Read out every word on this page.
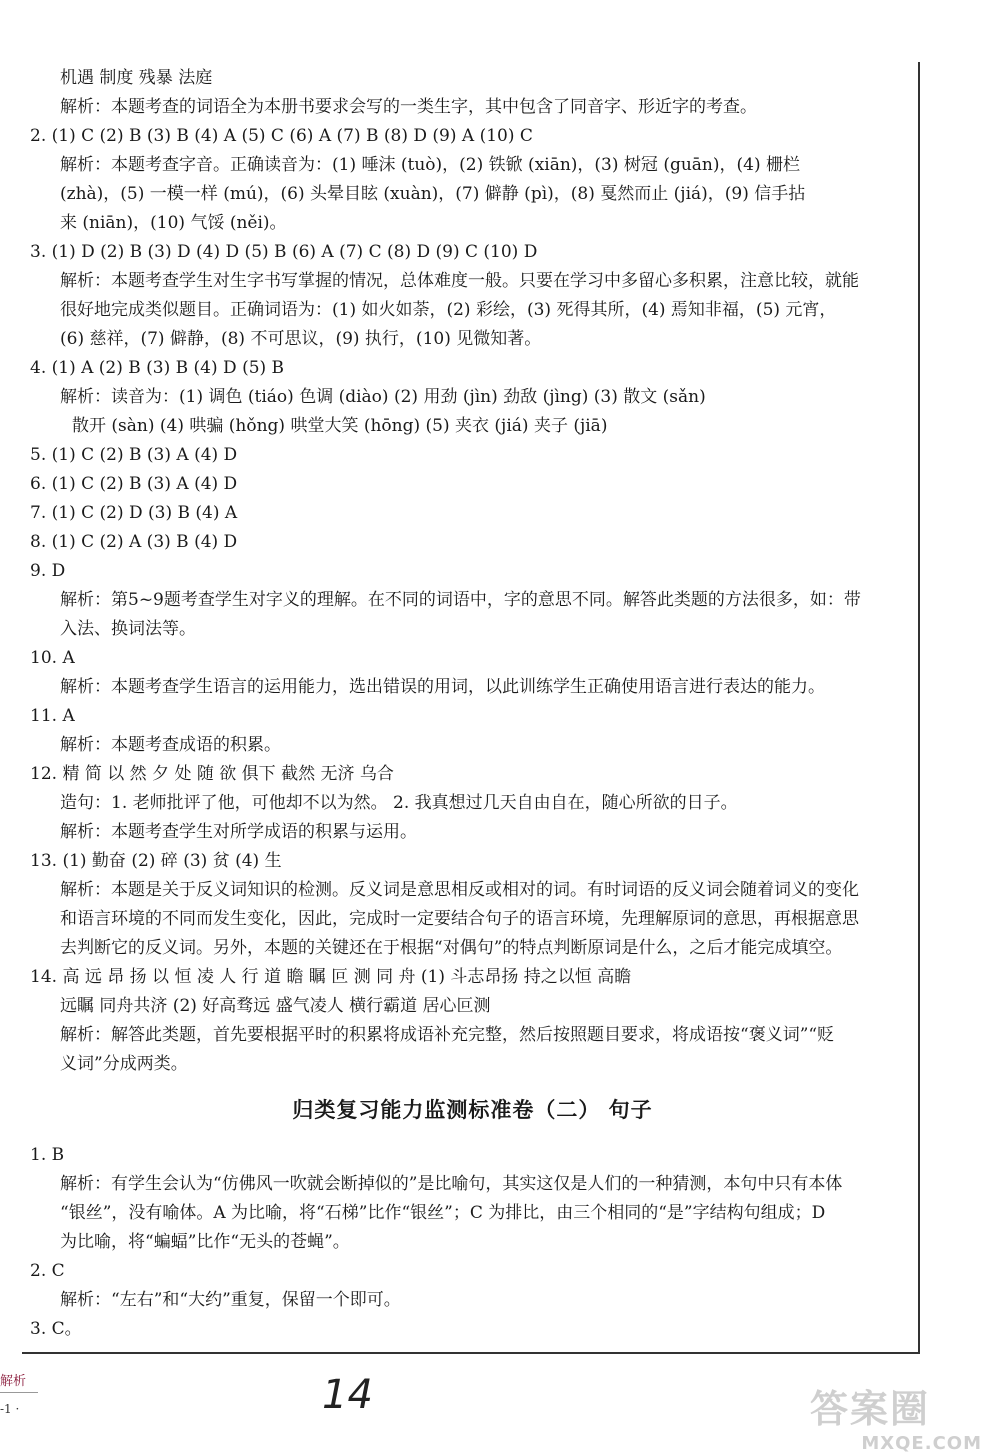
机遇 制度 残暴 法庭
解析：本题考查的词语全为本册书要求会写的一类生字，其中包含了同音字、形近字的考查。
2. (1) C (2) B (3) B (4) A (5) C (6) A (7) B (8) D (9) A (10) C
解析：本题考查字音。正确读音为：(1) 唾沫 (tuò)，(2) 铁锨 (xiān)，(3) 树冠 (guān)，(4) 栅栏
(zhà)，(5) 一模一样 (mú)，(6) 头晕目眩 (xuàn)，(7) 僻静 (pì)，(8) 戛然而止 (jiá)，(9) 信手拈
来 (niān)，(10) 气馁 (něi)。
3. (1) D (2) B (3) D (4) D (5) B (6) A (7) C (8) D (9) C (10) D
解析：本题考查学生对生字书写掌握的情况，总体难度一般。只要在学习中多留心多积累，注意比较，就能
很好地完成类似题目。正确词语为：(1) 如火如荼，(2) 彩绘，(3) 死得其所，(4) 焉知非福，(5) 元宵，
(6) 慈祥，(7) 僻静，(8) 不可思议，(9) 执行，(10) 见微知著。
4. (1) A (2) B (3) B (4) D (5) B
解析：读音为：(1) 调色 (tiáo) 色调 (diào) (2) 用劲 (jìn) 劲敌 (jìng) (3) 散文 (sǎn)
散开 (sàn) (4) 哄骗 (hǒng) 哄堂大笑 (hōng) (5) 夹衣 (jiá) 夹子 (jiā)
5. (1) C (2) B (3) A (4) D
6. (1) C (2) B (3) A (4) D
7. (1) C (2) D (3) B (4) A
8. (1) C (2) A (3) B (4) D
9. D
解析：第5~9题考查学生对字义的理解。在不同的词语中，字的意思不同。解答此类题的方法很多，如：带
入法、换词法等。
10. A
解析：本题考查学生语言的运用能力，选出错误的用词，以此训练学生正确使用语言进行表达的能力。
11. A
解析：本题考查成语的积累。
12. 精 简 以 然 夕 处 随 欲 俱下 截然 无济 乌合
造句：1. 老师批评了他，可他却不以为然。 2. 我真想过几天自由自在，随心所欲的日子。
解析：本题考查学生对所学成语的积累与运用。
13. (1) 勤奋 (2) 碎 (3) 贫 (4) 生
解析：本题是关于反义词知识的检测。反义词是意思相反或相对的词。有时词语的反义词会随着词义的变化
和语言环境的不同而发生变化，因此，完成时一定要结合句子的语言环境，先理解原词的意思，再根据意思
去判断它的反义词。另外，本题的关键还在于根据“对偶句”的特点判断原词是什么，之后才能完成填空。
14. 高 远 昂 扬 以 恒 凌 人 行 道 瞻 瞩 叵 测 同 舟 (1) 斗志昂扬 持之以恒 高瞻
远瞩 同舟共济 (2) 好高骛远 盛气凌人 横行霸道 居心叵测
解析：解答此类题，首先要根据平时的积累将成语补充完整，然后按照题目要求，将成语按“褒义词”“贬
义词”分成两类。
归类复习能力监测标准卷（二） 句子
1. B
解析：有学生会认为“仿佛风一吹就会断掉似的”是比喻句，其实这仅是人们的一种猜测，本句中只有本体
“银丝”，没有喻体。A 为比喻，将“石梯”比作“银丝”；C 为排比，由三个相同的“是”字结构句组成；D
为比喻，将“蝙蝠”比作“无头的苍蝇”。
2. C
解析：“左右”和“大约”重复，保留一个即可。
3. C。
解析
-1 ·	14	答案圈
MXQE.COM
